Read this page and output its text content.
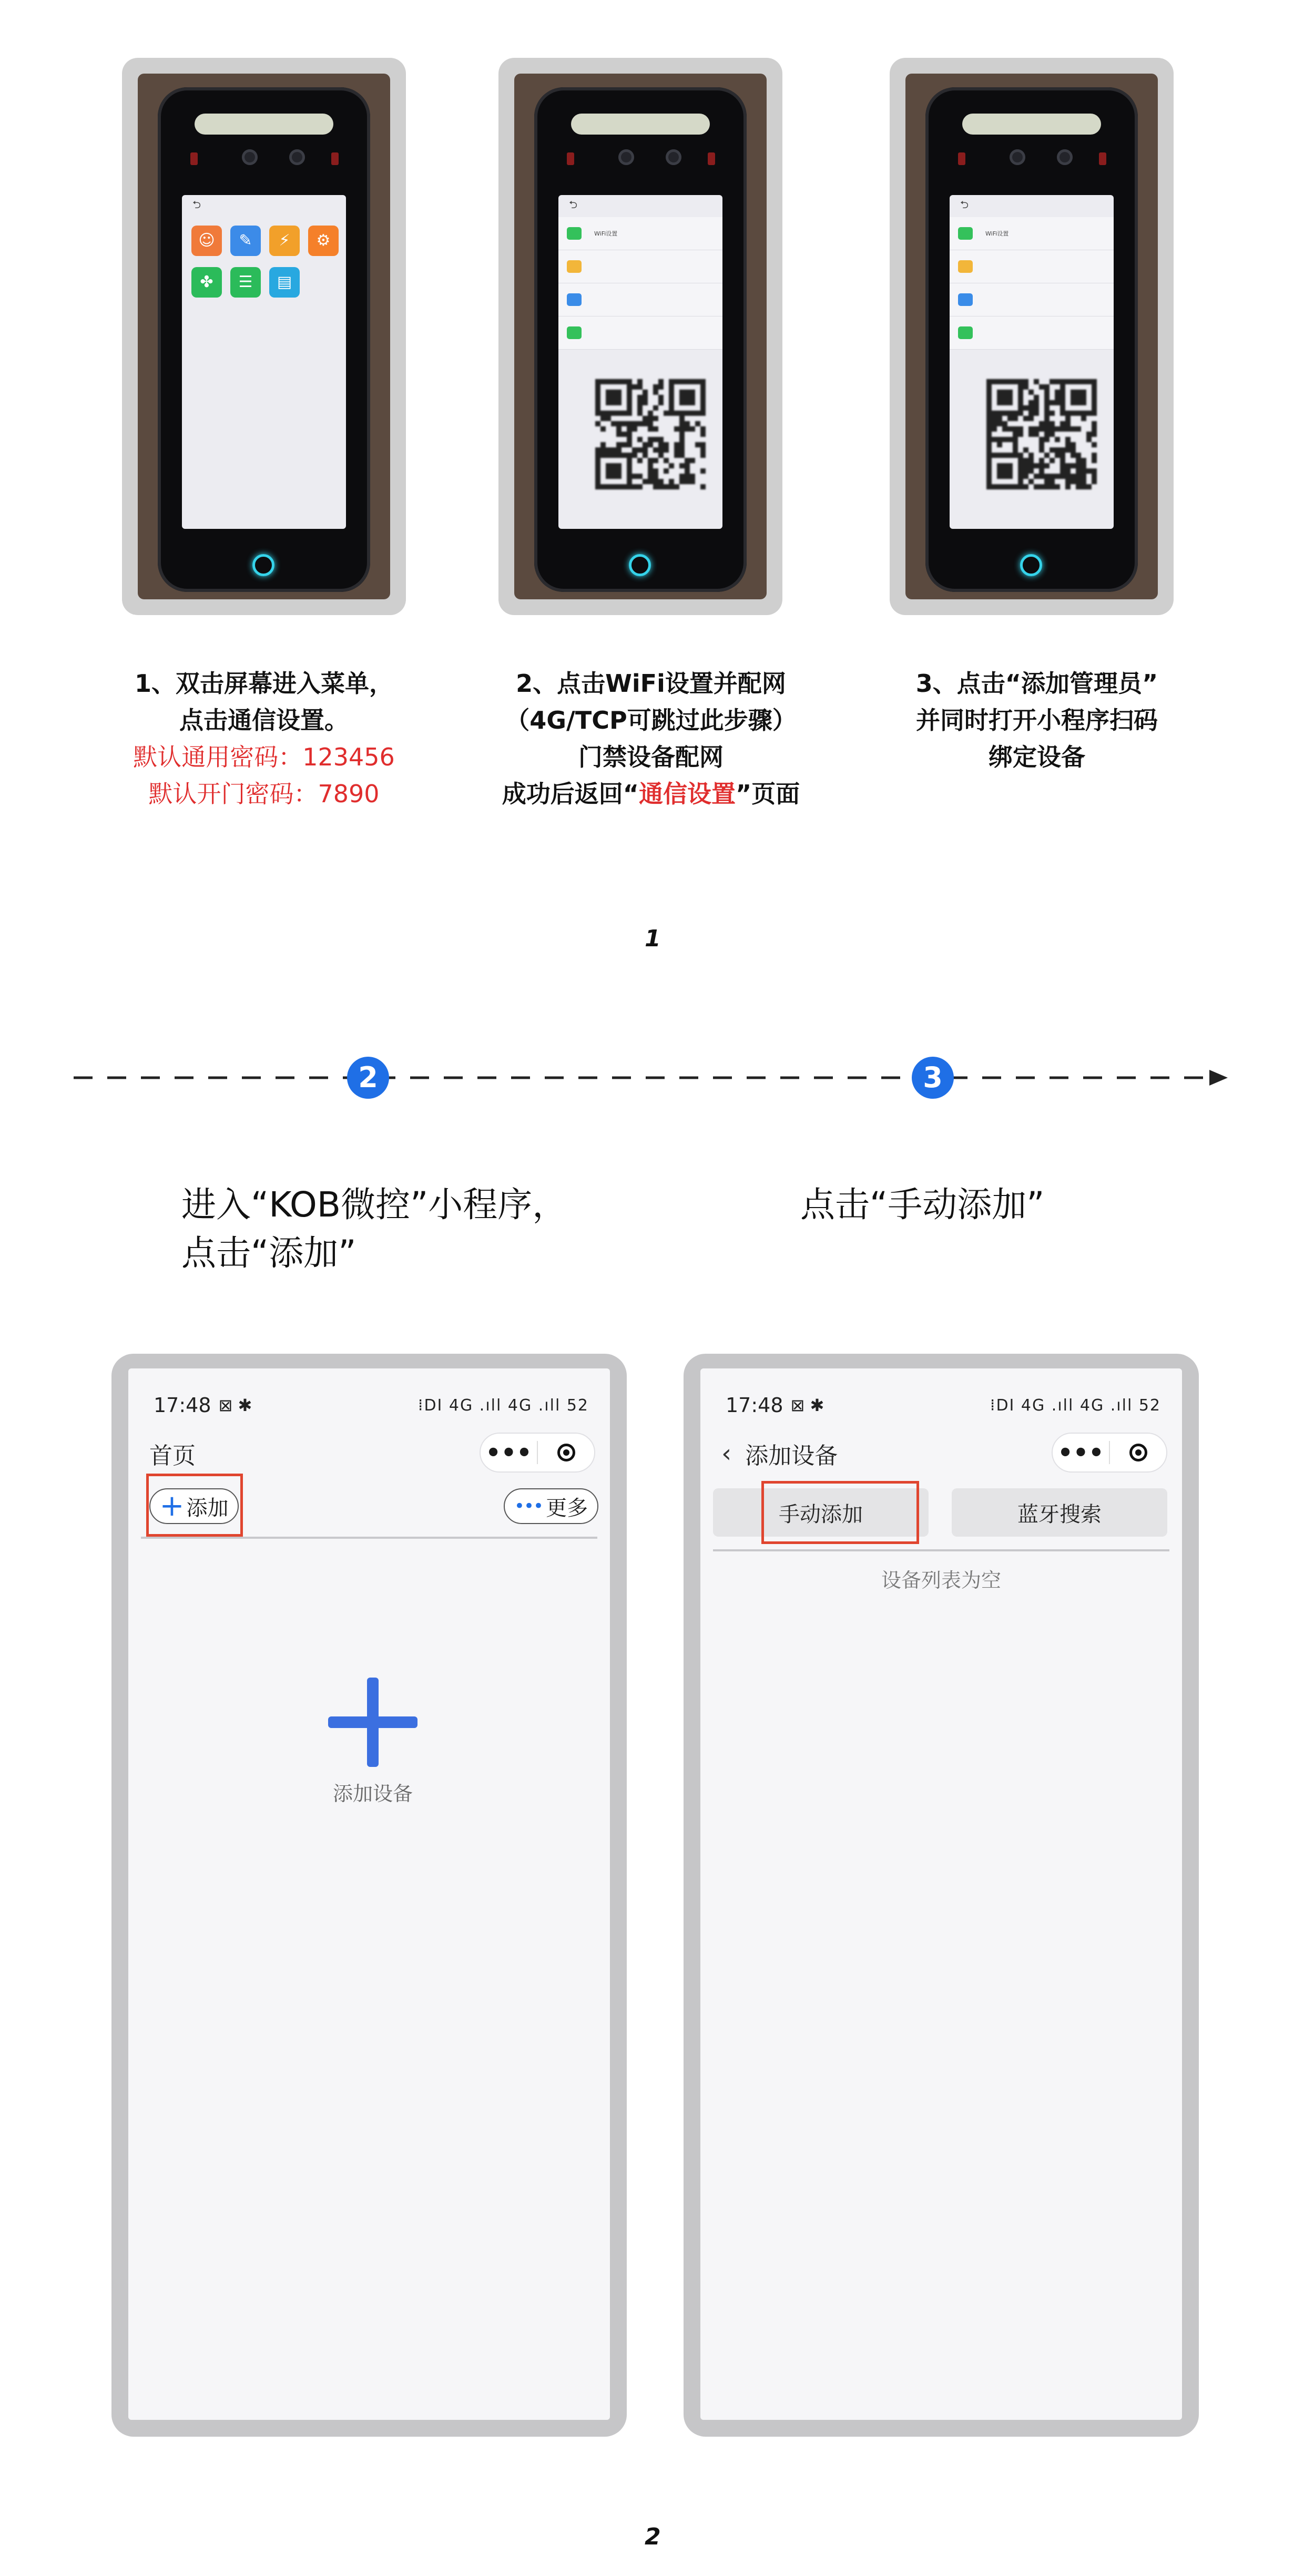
⮌
☺	✎	⚡	⚙
✤	☰	▤
⮌
WiFi设置
⮌
WiFi设置
1、双击屏幕进入菜单，
点击通信设置。
默认通用密码：123456
默认开门密码：7890
2、点击WiFi设置并配网
（4G/TCP可跳过此步骤）
门禁设备配网
成功后返回“通信设置”页面
3、点击“添加管理员”
并同时打开小程序扫码
绑定设备
1
2	3
进入“KOB微控”小程序，
点击“添加”
点击“手动添加”
17:48 ⊠ ✱	⁞DI 4G .ıll 4G .ıll 52
首页	•••
+ 添加	••• 更多
添加设备
17:48 ⊠ ✱	⁞DI 4G .ıll 4G .ıll 52
‹ 添加设备	•••
手动添加	蓝牙搜索
设备列表为空
2
